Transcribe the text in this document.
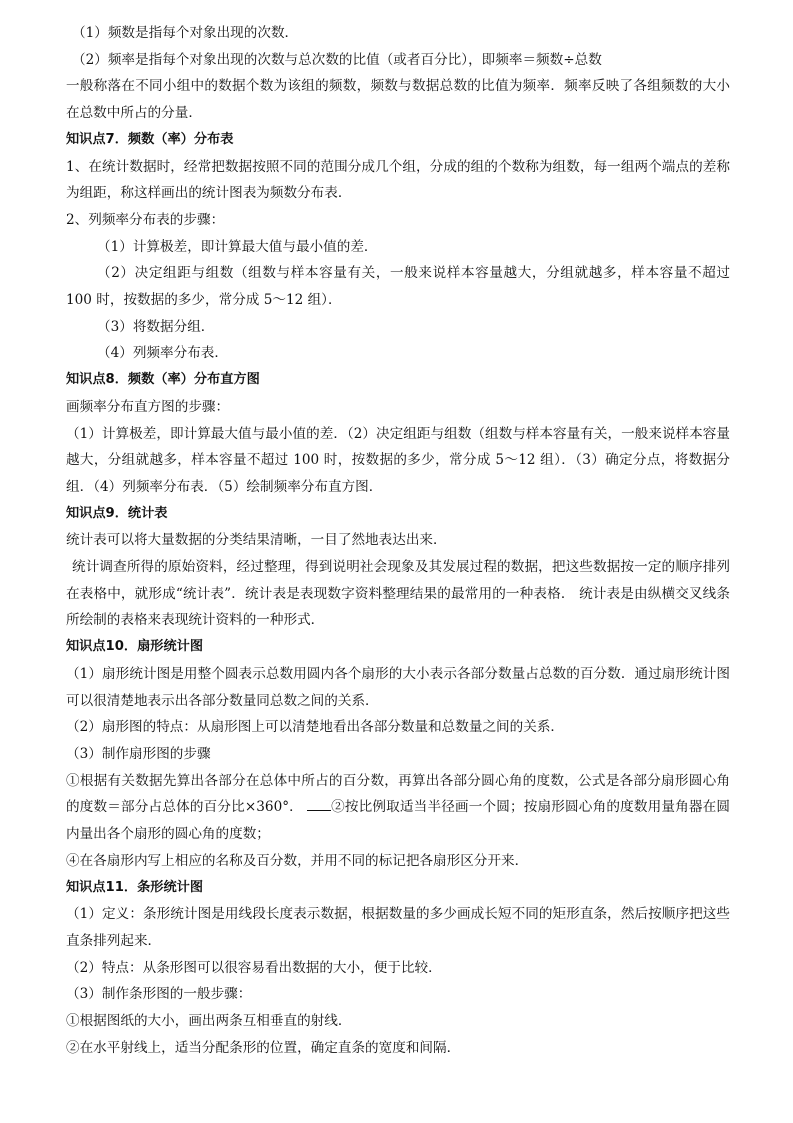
（1）频数是指每个对象出现的次数．

（2）频率是指每个对象出现的次数与总次数的比值（或者百分比），即频率＝频数÷总数

一般称落在不同小组中的数据个数为该组的频数，频数与数据总数的比值为频率．频率反映了各组频数的大小在总数中所占的分量．

知识点7．频数（率）分布表

1、在统计数据时，经常把数据按照不同的范围分成几个组，分成的组的个数称为组数，每一组两个端点的差称为组距，称这样画出的统计图表为频数分布表．

2、列频率分布表的步骤：

（1）计算极差，即计算最大值与最小值的差．

（2）决定组距与组数（组数与样本容量有关，一般来说样本容量越大，分组就越多，样本容量不超过 100 时，按数据的多少，常分成 5～12 组）．

（3）将数据分组．

（4）列频率分布表．

知识点8．频数（率）分布直方图

画频率分布直方图的步骤：

（1）计算极差，即计算最大值与最小值的差．（2）决定组距与组数（组数与样本容量有关，一般来说样本容量越大，分组就越多，样本容量不超过 100 时，按数据的多少，常分成 5～12 组）．（3）确定分点，将数据分组．（4）列频率分布表．（5）绘制频率分布直方图．

知识点9．统计表

统计表可以将大量数据的分类结果清晰，一目了然地表达出来．

统计调查所得的原始资料，经过整理，得到说明社会现象及其发展过程的数据，把这些数据按一定的顺序排列在表格中，就形成“统计表”．统计表是表现数字资料整理结果的最常用的一种表格． 统计表是由纵横交叉线条所绘制的表格来表现统计资料的一种形式．

知识点10．扇形统计图

（1）扇形统计图是用整个圆表示总数用圆内各个扇形的大小表示各部分数量占总数的百分数．通过扇形统计图可以很清楚地表示出各部分数量同总数之间的关系．

（2）扇形图的特点：从扇形图上可以清楚地看出各部分数量和总数量之间的关系．

（3）制作扇形图的步骤

①根据有关数据先算出各部分在总体中所占的百分数，再算出各部分圆心角的度数，公式是各部分扇形圆心角的度数＝部分占总体的百分比×360°． ②按比例取适当半径画一个圆；按扇形圆心角的度数用量角器在圆内量出各个扇形的圆心角的度数；

④在各扇形内写上相应的名称及百分数，并用不同的标记把各扇形区分开来．

知识点11．条形统计图

（1）定义：条形统计图是用线段长度表示数据，根据数量的多少画成长短不同的矩形直条，然后按顺序把这些直条排列起来．

（2）特点：从条形图可以很容易看出数据的大小，便于比较．

（3）制作条形图的一般步骤：

①根据图纸的大小，画出两条互相垂直的射线．

②在水平射线上，适当分配条形的位置，确定直条的宽度和间隔．
